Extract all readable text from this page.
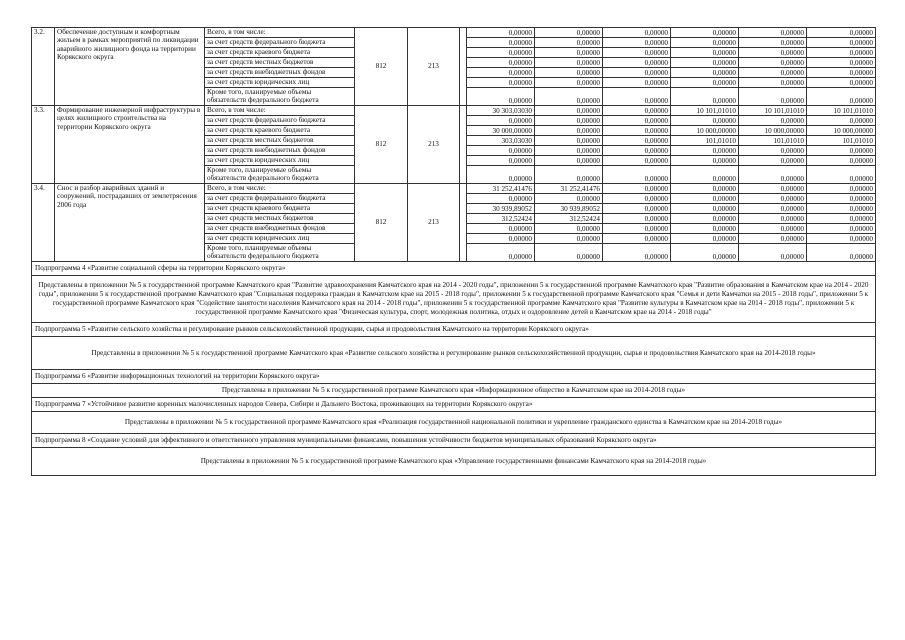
3.2.	Обеспечение доступным и комфортным жильем в рамках мероприятий по ликвидации аварийного жилищного фонда на территории Корякского округа	Всего, в том числе:	812	213		0,00000	0,00000	0,00000	0,00000	0,00000	0,00000
		за счет средств федерального бюджета				0,00000	0,00000	0,00000	0,00000	0,00000	0,00000
		за счет средств краевого бюджета				0,00000	0,00000	0,00000	0,00000	0,00000	0,00000
		за счет средств местных бюджетов				0,00000	0,00000	0,00000	0,00000	0,00000	0,00000
		за счет средств внебюджетных фондов				0,00000	0,00000	0,00000	0,00000	0,00000	0,00000
		за счет средств юридических лиц				0,00000	0,00000	0,00000	0,00000	0,00000	0,00000
		Кроме того, планируемые объемы обязательств федерального бюджета				0,00000	0,00000	0,00000	0,00000	0,00000	0,00000
3.3.	Формирование инженерной инфраструктуры в целях жилищного строительства на территории Корякского округа	Всего, в том числе:	812	213		30 303,03030	0,00000	0,00000	10 101,01010	10 101,01010	10 101,01010
		за счет средств федерального бюджета				0,00000	0,00000	0,00000	0,00000	0,00000	0,00000
		за счет средств краевого бюджета				30 000,00000	0,00000	0,00000	10 000,00000	10 000,00000	10 000,00000
		за счет средств местных бюджетов				303,03030	0,00000	0,00000	101,01010	101,01010	101,01010
		за счет средств внебюджетных фондов				0,00000	0,00000	0,00000	0,00000	0,00000	0,00000
		за счет средств юридических лиц				0,00000	0,00000	0,00000	0,00000	0,00000	0,00000
		Кроме того, планируемые объемы обязательств федерального бюджета				0,00000	0,00000	0,00000	0,00000	0,00000	0,00000
3.4.	Снос и разбор аварийных зданий и сооружений, пострадавших от землетрясения 2006 года	Всего, в том числе:	812	213		31 252,41476	31 252,41476	0,00000	0,00000	0,00000	0,00000
		за счет средств федерального бюджета				0,00000	0,00000	0,00000	0,00000	0,00000	0,00000
		за счет средств краевого бюджета				30 939,89052	30 939,89052	0,00000	0,00000	0,00000	0,00000
		за счет средств местных бюджетов				312,52424	312,52424	0,00000	0,00000	0,00000	0,00000
		за счет средств внебюджетных фондов				0,00000	0,00000	0,00000	0,00000	0,00000	0,00000
		за счет средств юридических лиц				0,00000	0,00000	0,00000	0,00000	0,00000	0,00000
		Кроме того, планируемые объемы обязательств федерального бюджета				0,00000	0,00000	0,00000	0,00000	0,00000	0,00000
Подпрограмма 4 «Развитие социальной сферы на территории Корякского округа»											
Представлены в приложении № 5 к государственной программе Камчатского края "Развитие здравоохранения Камчатского края на 2014 - 2020 годы", приложении 5 к государственной программе Камчатского края "Развитие образования в Камчатском крае на 2014 - 2020 годы", приложении 5 к государственной программе Камчатского края "Социальная поддержка граждан в Камчатском крае на 2015 - 2018 годы", приложении 5 к государственной программе Камчатского края "Семья и дети Камчатки на 2015 - 2018 годы", приложении 5 к государственной программе Камчатского края "Содействие занятости населения Камчатского края на 2014 - 2018 годы", приложении 5 к государственной программе Камчатского края "Развитие культуры в Камчатском крае на 2014 - 2018 годы", приложении 5 к государственной программе Камчатского края "Физическая культура, спорт, молодежная политика, отдых и оздоровление детей в Камчатском крае на 2014 - 2018 годы"											
Подпрограмма 5 «Развитие сельского хозяйства и регулирование рынков сельскохозяйственной продукции, сырья и продовольствия Камчатского на территории Корякского округа»											
Представлены в приложении № 5 к государственной программе Камчатского края «Развитие сельского хозяйства и регулирование рынков сельскохозяйственной продукции, сырья и продовольствия Камчатского края на 2014-2018 годы»											
Подпрограмма 6 «Развитие информационных технологий на территории Корякского округа»											
Представлены в приложении № 5 к государственной программе Камчатского края «Информационное общество в Камчатском крае на 2014-2018 годы»											
Подпрограмма 7 «Устойчивое развитие коренных малочисленных народов Севера, Сибири и Дальнего Востока, проживающих на территории Корякского округа»											
Представлены в приложении № 5 к государственной программе Камчатского края «Реализация государственной национальной политики и укрепление гражданского единства в Камчатском крае на 2014-2018 годы»											
Подпрограмма 8 «Создание условий для эффективного и ответственного управления муниципальными финансами, повышения устойчивости бюджетов муниципальных образований Корякского округа»											
Представлены в приложении № 5 к государственной программе Камчатского края «Управление государственными финансами Камчатского края на 2014-2018 годы»											
